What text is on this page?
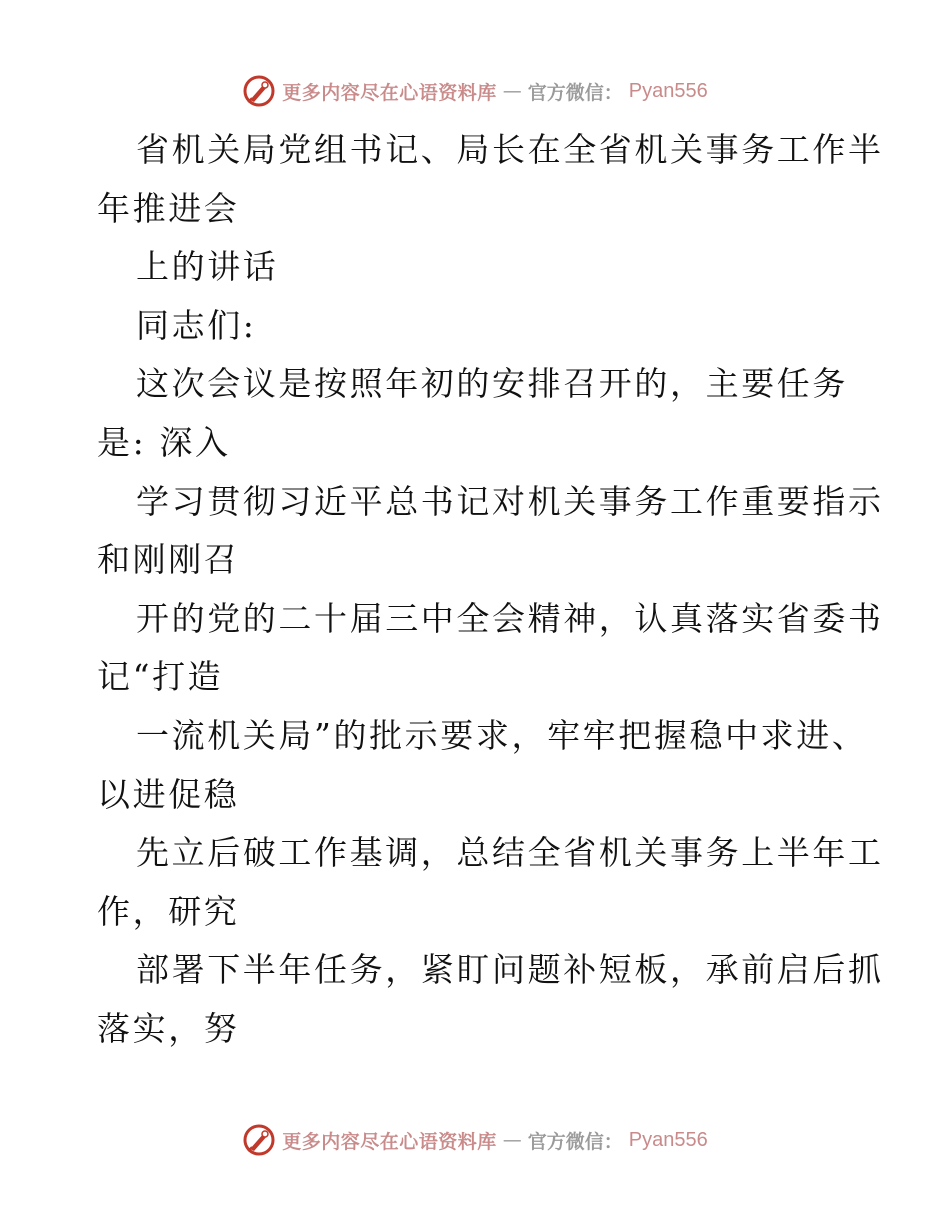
更多内容尽在心语资料库 — 官方微信： Pyan556
省机关局党组书记、局长在全省机关事务工作半
年推进会
上的讲话
同志们:
这次会议是按照年初的安排召开的，主要任务
是: 深入
学习贯彻习近平总书记对机关事务工作重要指示
和刚刚召
开的党的二十届三中全会精神，认真落实省委书
记“打造
一流机关局”的批示要求，牢牢把握稳中求进、
以进促稳
先立后破工作基调，总结全省机关事务上半年工
作，研究
部署下半年任务，紧盯问题补短板，承前启后抓
落实，努
更多内容尽在心语资料库 — 官方微信： Pyan556
